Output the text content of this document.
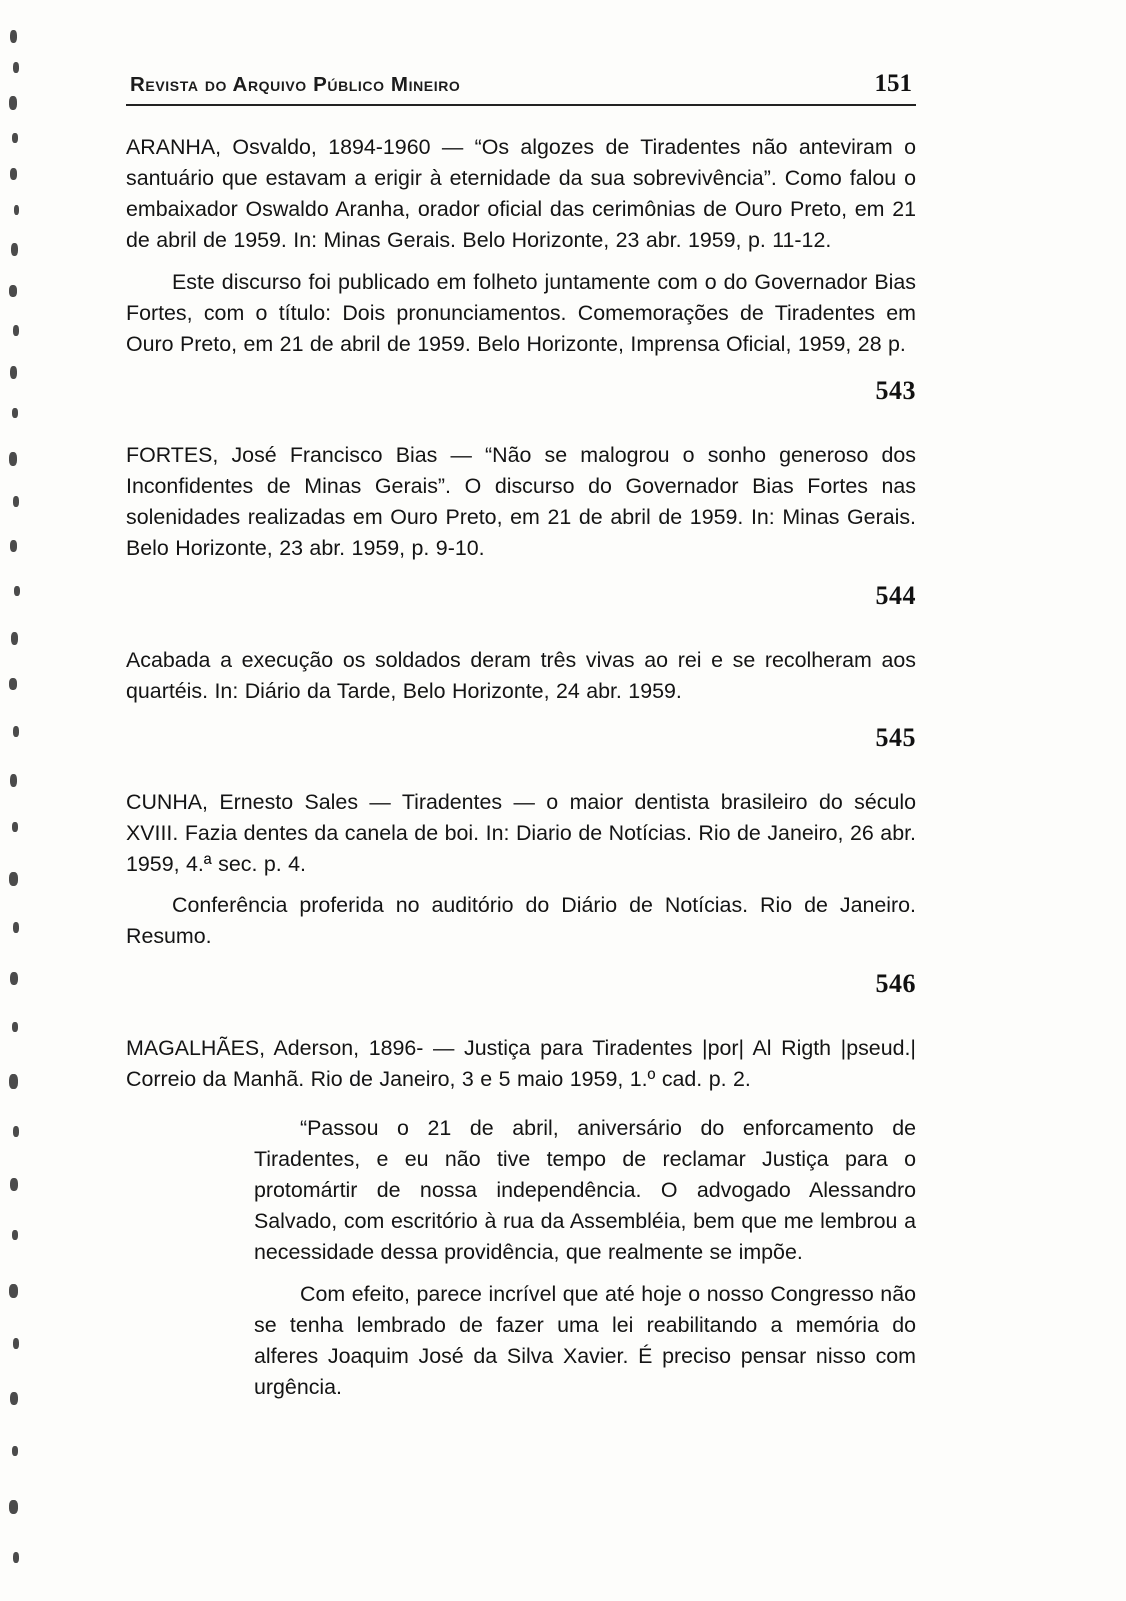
Revista do Arquivo Público Mineiro	151

ARANHA, Osvaldo, 1894-1960 — “Os algozes de Tiradentes não anteviram o santuário que estavam a erigir à eternidade da sua sobrevivência”. Como falou o embaixador Oswaldo Aranha, orador oficial das cerimônias de Ouro Preto, em 21 de abril de 1959. In: Minas Gerais. Belo Horizonte, 23 abr. 1959, p. 11-12.

Este discurso foi publicado em folheto juntamente com o do Governador Bias Fortes, com o título: Dois pronunciamentos. Comemorações de Tiradentes em Ouro Preto, em 21 de abril de 1959. Belo Horizonte, Imprensa Oficial, 1959, 28 p.

543

FORTES, José Francisco Bias — “Não se malogrou o sonho generoso dos Inconfidentes de Minas Gerais”. O discurso do Governador Bias Fortes nas solenidades realizadas em Ouro Preto, em 21 de abril de 1959. In: Minas Gerais. Belo Horizonte, 23 abr. 1959, p. 9-10.

544

Acabada a execução os soldados deram três vivas ao rei e se recolheram aos quartéis. In: Diário da Tarde, Belo Horizonte, 24 abr. 1959.

545

CUNHA, Ernesto Sales — Tiradentes — o maior dentista brasileiro do século XVIII. Fazia dentes da canela de boi. In: Diario de Notícias. Rio de Janeiro, 26 abr. 1959, 4.ª sec. p. 4.

Conferência proferida no auditório do Diário de Notícias. Rio de Janeiro. Resumo.

546

MAGALHÃES, Aderson, 1896- — Justiça para Tiradentes |por| Al Rigth |pseud.| Correio da Manhã. Rio de Janeiro, 3 e 5 maio 1959, 1.º cad. p. 2.

“Passou o 21 de abril, aniversário do enforcamento de Tiradentes, e eu não tive tempo de reclamar Justiça para o protomártir de nossa independência. O advogado Alessandro Salvado, com escritório à rua da Assembléia, bem que me lembrou a necessidade dessa providência, que realmente se impõe.

Com efeito, parece incrível que até hoje o nosso Congresso não se tenha lembrado de fazer uma lei reabilitando a memória do alferes Joaquim José da Silva Xavier. É preciso pensar nisso com urgência.
